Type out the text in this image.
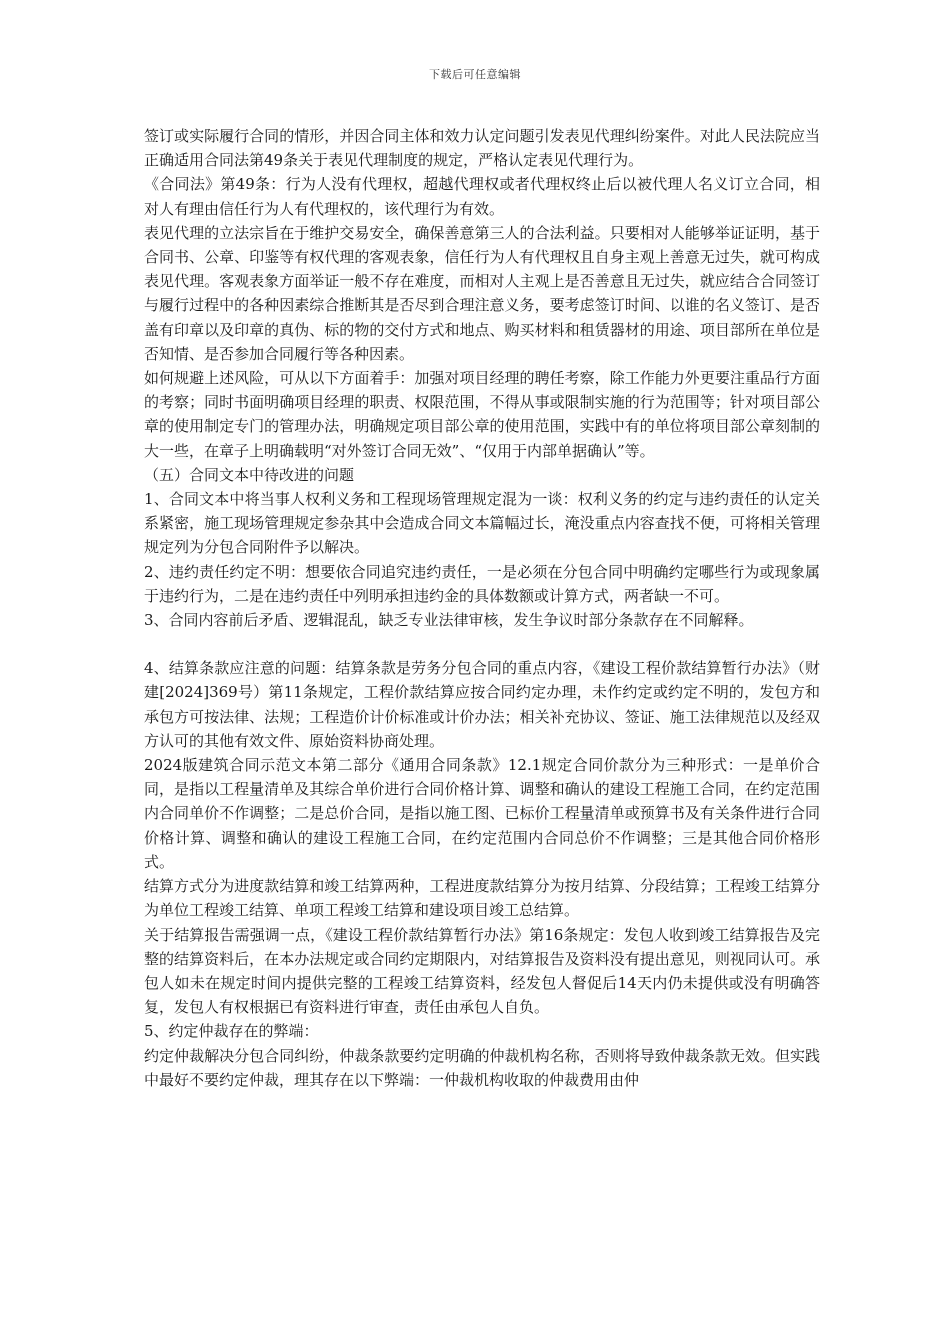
下载后可任意编辑

签订或实际履行合同的情形，并因合同主体和效力认定问题引发表见代理纠纷案件。对此人民法院应当正确适用合同法第49条关于表见代理制度的规定，严格认定表见代理行为。

《合同法》第49条：行为人没有代理权，超越代理权或者代理权终止后以被代理人名义订立合同，相对人有理由信任行为人有代理权的，该代理行为有效。

表见代理的立法宗旨在于维护交易安全，确保善意第三人的合法利益。只要相对人能够举证证明，基于合同书、公章、印鉴等有权代理的客观表象，信任行为人有代理权且自身主观上善意无过失，就可构成表见代理。客观表象方面举证一般不存在难度，而相对人主观上是否善意且无过失，就应结合合同签订与履行过程中的各种因素综合推断其是否尽到合理注意义务，要考虑签订时间、以谁的名义签订、是否盖有印章以及印章的真伪、标的物的交付方式和地点、购买材料和租赁器材的用途、项目部所在单位是否知情、是否参加合同履行等各种因素。

如何规避上述风险，可从以下方面着手：加强对项目经理的聘任考察，除工作能力外更要注重品行方面的考察；同时书面明确项目经理的职责、权限范围，不得从事或限制实施的行为范围等；针对项目部公章的使用制定专门的管理办法，明确规定项目部公章的使用范围，实践中有的单位将项目部公章刻制的大一些，在章子上明确载明“对外签订合同无效”、“仅用于内部单据确认”等。

（五）合同文本中待改进的问题

1、合同文本中将当事人权利义务和工程现场管理规定混为一谈：权利义务的约定与违约责任的认定关系紧密，施工现场管理规定参杂其中会造成合同文本篇幅过长，淹没重点内容查找不便，可将相关管理规定列为分包合同附件予以解决。

2、违约责任约定不明：想要依合同追究违约责任，一是必须在分包合同中明确约定哪些行为或现象属于违约行为，二是在违约责任中列明承担违约金的具体数额或计算方式，两者缺一不可。

3、合同内容前后矛盾、逻辑混乱，缺乏专业法律审核，发生争议时部分条款存在不同解释。

4、结算条款应注意的问题：结算条款是劳务分包合同的重点内容，《建设工程价款结算暂行办法》（财建[2024]369号）第11条规定，工程价款结算应按合同约定办理，未作约定或约定不明的，发包方和承包方可按法律、法规；工程造价计价标准或计价办法；相关补充协议、签证、施工法律规范以及经双方认可的其他有效文件、原始资料协商处理。

2024版建筑合同示范文本第二部分《通用合同条款》12.1规定合同价款分为三种形式：一是单价合同，是指以工程量清单及其综合单价进行合同价格计算、调整和确认的建设工程施工合同，在约定范围内合同单价不作调整；二是总价合同，是指以施工图、已标价工程量清单或预算书及有关条件进行合同价格计算、调整和确认的建设工程施工合同，在约定范围内合同总价不作调整；三是其他合同价格形式。

结算方式分为进度款结算和竣工结算两种，工程进度款结算分为按月结算、分段结算；工程竣工结算分为单位工程竣工结算、单项工程竣工结算和建设项目竣工总结算。

关于结算报告需强调一点，《建设工程价款结算暂行办法》第16条规定：发包人收到竣工结算报告及完整的结算资料后，在本办法规定或合同约定期限内，对结算报告及资料没有提出意见，则视同认可。承包人如未在规定时间内提供完整的工程竣工结算资料，经发包人督促后14天内仍未提供或没有明确答复，发包人有权根据已有资料进行审查，责任由承包人自负。

5、约定仲裁存在的弊端：

约定仲裁解决分包合同纠纷，仲裁条款要约定明确的仲裁机构名称，否则将导致仲裁条款无效。但实践中最好不要约定仲裁，理其存在以下弊端：一仲裁机构收取的仲裁费用由仲
